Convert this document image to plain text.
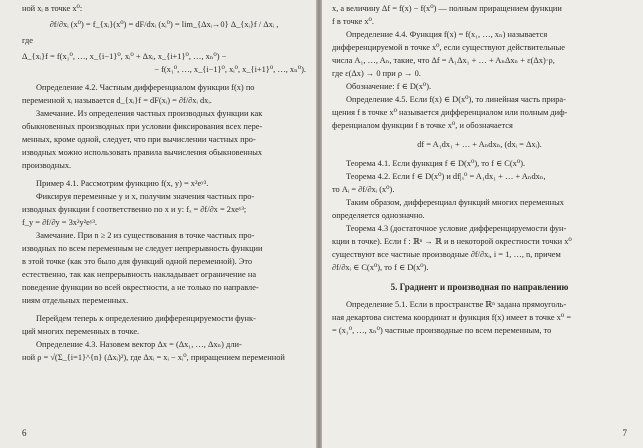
ной xᵢ в точке x⁰:
∂f/∂xᵢ (x⁰) = f_{xᵢ}(x⁰) = dF/dxᵢ (xᵢ⁰) = lim_{Δxᵢ→0} Δ_{xᵢ}f / Δxᵢ ,
где
Δ_{xᵢ}f = f(x₁⁰, …, x_{i−1}⁰, xᵢ⁰ + Δxᵢ, x_{i+1}⁰, …, xₙ⁰) −
− f(x₁⁰, …, x_{i−1}⁰, xᵢ⁰, x_{i+1}⁰, …, xₙ⁰).
Определение 4.2. Частным дифференциалом функции f(x) по
переменной xᵢ называется d_{xᵢ}f = dF(xᵢ) = ∂f/∂xᵢ dxᵢ.
Замечание. Из определения частных производных функции как
обыкновенных производных при условии фиксирования всех пере-
менных, кроме одной, следует, что при вычислении частных про-
изводных можно использовать правила вычисления обыкновенных
производных.
Пример 4.1. Рассмотрим функцию f(x, y) = x²eʸ³.
Фиксируя переменные y и x, получим значения частных про-
изводных функции f соответственно по x и y: fₓ = ∂f/∂x = 2xeʸ³;
f_y = ∂f/∂y = 3x²y²eʸ³.
Замечание. При n ≥ 2 из существования в точке частных про-
изводных по всем переменным не следует непрерывность функции
в этой точке (как это было для функций одной переменной). Это
естественно, так как непрерывность накладывает ограничение на
поведение функции во всей окрестности, а не только по направле-
ниям отдельных переменных.
Перейдем теперь к определению дифференцируемости функ-
ций многих переменных в точке.
Определение 4.3. Назовем вектор Δx = (Δx₁, …, Δxₙ) дли-
ной ρ = √(Σ_{i=1}^{n} (Δxᵢ)²), где Δxᵢ = xᵢ − xᵢ⁰, приращением переменной
6
x, а величину Δf = f(x) − f(x⁰) — полным приращением функции
f в точке x⁰.
Определение 4.4. Функция f(x) = f(x₁, …, xₙ) называется
дифференцируемой в точке x⁰, если существуют действительные
числа A₁, …, Aₙ, такие, что Δf = A₁Δx₁ + … + AₙΔxₙ + ε(Δx)·ρ,
где ε(Δx) → 0 при ρ → 0.
Обозначение: f ∈ D(x⁰).
Определение 4.5. Если f(x) ∈ D(x⁰), то линейная часть прира-
щения f в точке x⁰ называется дифференциалом или полным диф-
ференциалом функции f в точке x⁰, и обозначается
df = A₁dx₁ + … + Aₙdxₙ, (dxᵢ = Δxᵢ).
Теорема 4.1. Если функция f ∈ D(x⁰), то f ∈ C(x⁰).
Теорема 4.2. Если f ∈ D(x⁰) и df|ₓ⁰ = A₁dx₁ + … + Aₙdxₙ,
то Aᵢ = ∂f/∂xᵢ (x⁰).
Таким образом, дифференциал функций многих переменных
определяется однозначно.
Теорема 4.3 (достаточное условие дифференцируемости фун-
кции в точке). Если f : ℝⁿ → ℝ и в некоторой окрестности точки x⁰
существуют все частные производные ∂f/∂xᵢ, i = 1, …, n, причем
∂f/∂xᵢ ∈ C(x⁰), то f ∈ D(x⁰).
5. Градиент и производная по направлению
Определение 5.1. Если в пространстве ℝⁿ задана прямоуголь-
ная декартова система координат и функция f(x) имеет в точке x⁰ =
= (x₁⁰, …, xₙ⁰) частные производные по всем переменным, то
7
